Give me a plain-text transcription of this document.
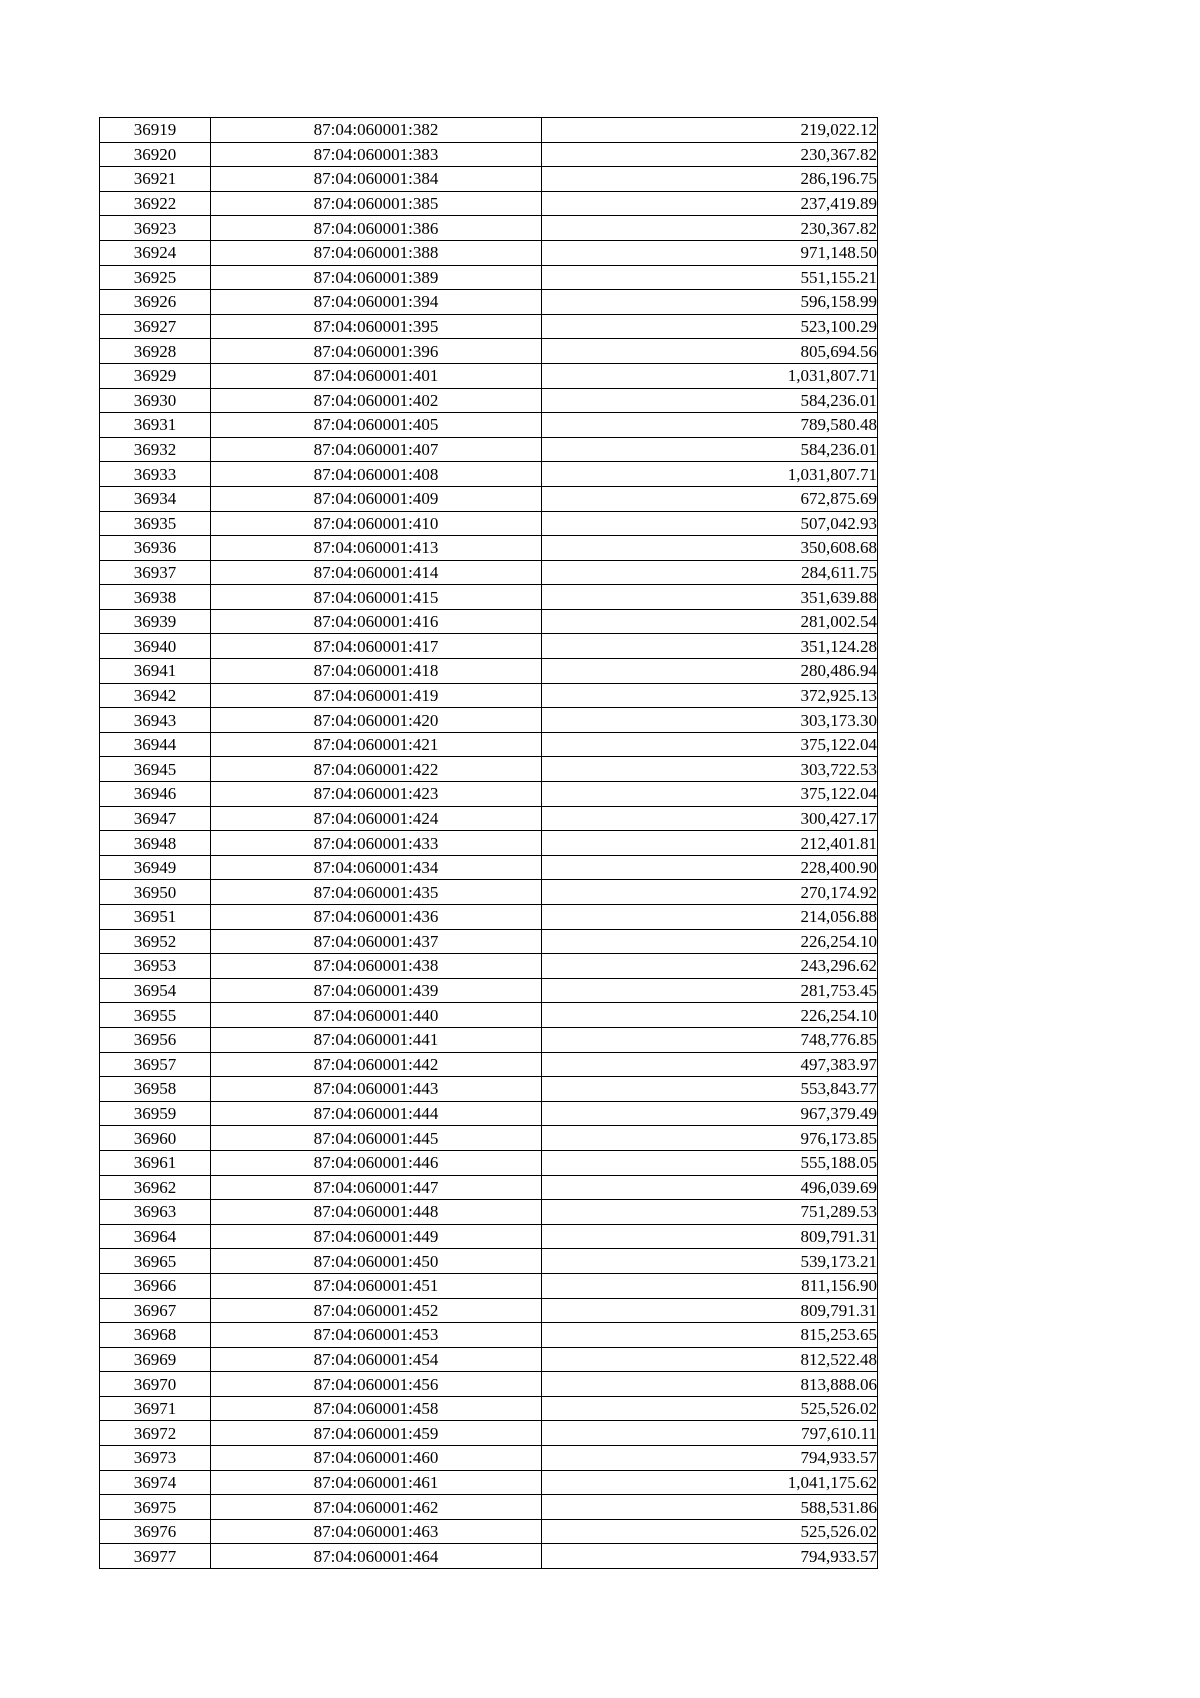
36919	87:04:060001:382	219,022.12
36920	87:04:060001:383	230,367.82
36921	87:04:060001:384	286,196.75
36922	87:04:060001:385	237,419.89
36923	87:04:060001:386	230,367.82
36924	87:04:060001:388	971,148.50
36925	87:04:060001:389	551,155.21
36926	87:04:060001:394	596,158.99
36927	87:04:060001:395	523,100.29
36928	87:04:060001:396	805,694.56
36929	87:04:060001:401	1,031,807.71
36930	87:04:060001:402	584,236.01
36931	87:04:060001:405	789,580.48
36932	87:04:060001:407	584,236.01
36933	87:04:060001:408	1,031,807.71
36934	87:04:060001:409	672,875.69
36935	87:04:060001:410	507,042.93
36936	87:04:060001:413	350,608.68
36937	87:04:060001:414	284,611.75
36938	87:04:060001:415	351,639.88
36939	87:04:060001:416	281,002.54
36940	87:04:060001:417	351,124.28
36941	87:04:060001:418	280,486.94
36942	87:04:060001:419	372,925.13
36943	87:04:060001:420	303,173.30
36944	87:04:060001:421	375,122.04
36945	87:04:060001:422	303,722.53
36946	87:04:060001:423	375,122.04
36947	87:04:060001:424	300,427.17
36948	87:04:060001:433	212,401.81
36949	87:04:060001:434	228,400.90
36950	87:04:060001:435	270,174.92
36951	87:04:060001:436	214,056.88
36952	87:04:060001:437	226,254.10
36953	87:04:060001:438	243,296.62
36954	87:04:060001:439	281,753.45
36955	87:04:060001:440	226,254.10
36956	87:04:060001:441	748,776.85
36957	87:04:060001:442	497,383.97
36958	87:04:060001:443	553,843.77
36959	87:04:060001:444	967,379.49
36960	87:04:060001:445	976,173.85
36961	87:04:060001:446	555,188.05
36962	87:04:060001:447	496,039.69
36963	87:04:060001:448	751,289.53
36964	87:04:060001:449	809,791.31
36965	87:04:060001:450	539,173.21
36966	87:04:060001:451	811,156.90
36967	87:04:060001:452	809,791.31
36968	87:04:060001:453	815,253.65
36969	87:04:060001:454	812,522.48
36970	87:04:060001:456	813,888.06
36971	87:04:060001:458	525,526.02
36972	87:04:060001:459	797,610.11
36973	87:04:060001:460	794,933.57
36974	87:04:060001:461	1,041,175.62
36975	87:04:060001:462	588,531.86
36976	87:04:060001:463	525,526.02
36977	87:04:060001:464	794,933.57
